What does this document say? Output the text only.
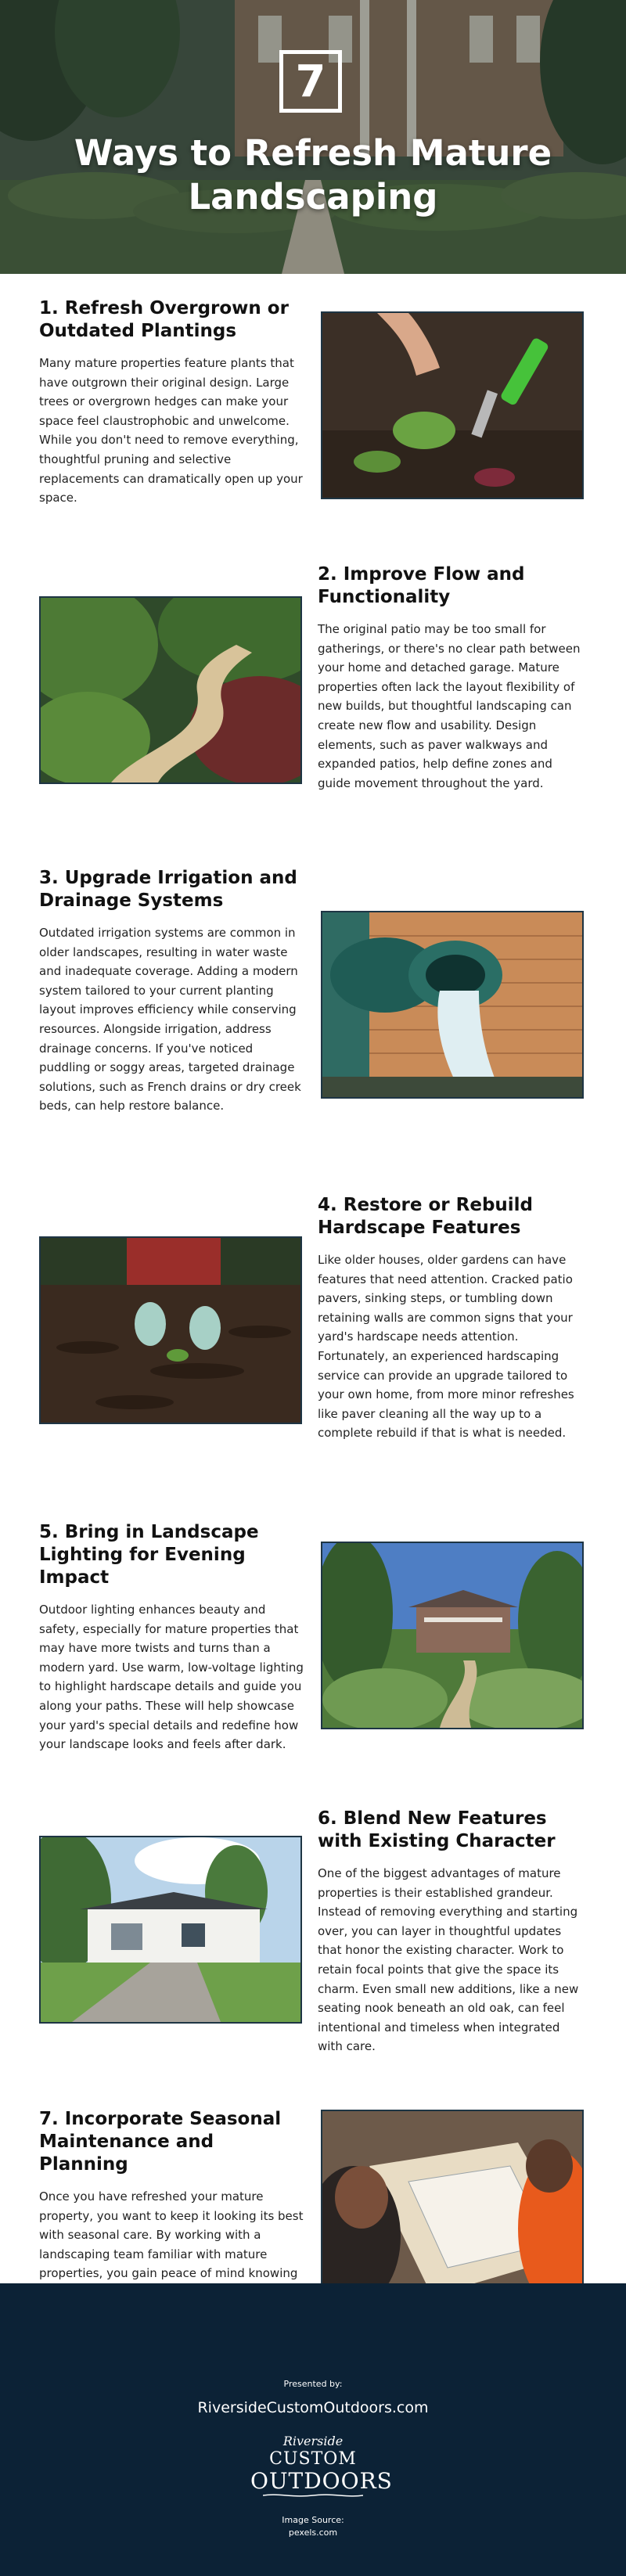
7
Ways to Refresh Mature Landscaping
1. Refresh Overgrown or Outdated Plantings

Many mature properties feature plants that have outgrown their original design. Large trees or overgrown hedges can make your space feel claustrophobic and unwelcome. While you don't need to remove everything, thoughtful pruning and selective replacements can dramatically open up your space.

2. Improve Flow and Functionality

The original patio may be too small for gatherings, or there's no clear path between your home and detached garage. Mature properties often lack the layout flexibility of new builds, but thoughtful landscaping can create new flow and usability. Design elements, such as paver walkways and expanded patios, help define zones and guide movement throughout the yard.

3. Upgrade Irrigation and Drainage Systems

Outdated irrigation systems are common in older landscapes, resulting in water waste and inadequate coverage. Adding a modern system tailored to your current planting layout improves efficiency while conserving resources. Alongside irrigation, address drainage concerns. If you've noticed puddling or soggy areas, targeted drainage solutions, such as French drains or dry creek beds, can help restore balance.

4. Restore or Rebuild Hardscape Features

Like older houses, older gardens can have features that need attention. Cracked patio pavers, sinking steps, or tumbling down retaining walls are common signs that your yard's hardscape needs attention. Fortunately, an experienced hardscaping service can provide an upgrade tailored to your own home, from more minor refreshes like paver cleaning all the way up to a complete rebuild if that is what is needed.

5. Bring in Landscape Lighting for Evening Impact

Outdoor lighting enhances beauty and safety, especially for mature properties that may have more twists and turns than a modern yard. Use warm, low-voltage lighting to highlight hardscape details and guide you along your paths. These will help showcase your yard's special details and redefine how your landscape looks and feels after dark.

6. Blend New Features with Existing Character

One of the biggest advantages of mature properties is their established grandeur. Instead of removing everything and starting over, you can layer in thoughtful updates that honor the existing character. Work to retain focal points that give the space its charm. Even small new additions, like a new seating nook beneath an old oak, can feel intentional and timeless when integrated with care.

7. Incorporate Seasonal Maintenance and Planning

Once you have refreshed your mature property, you want to keep it looking its best with seasonal care. By working with a landscaping team familiar with mature properties, you gain peace of mind knowing

Presented by:
RiversideCustomOutdoors.com
Riverside
CUSTOM
OUTDOORS
Image Source:
pexels.com
